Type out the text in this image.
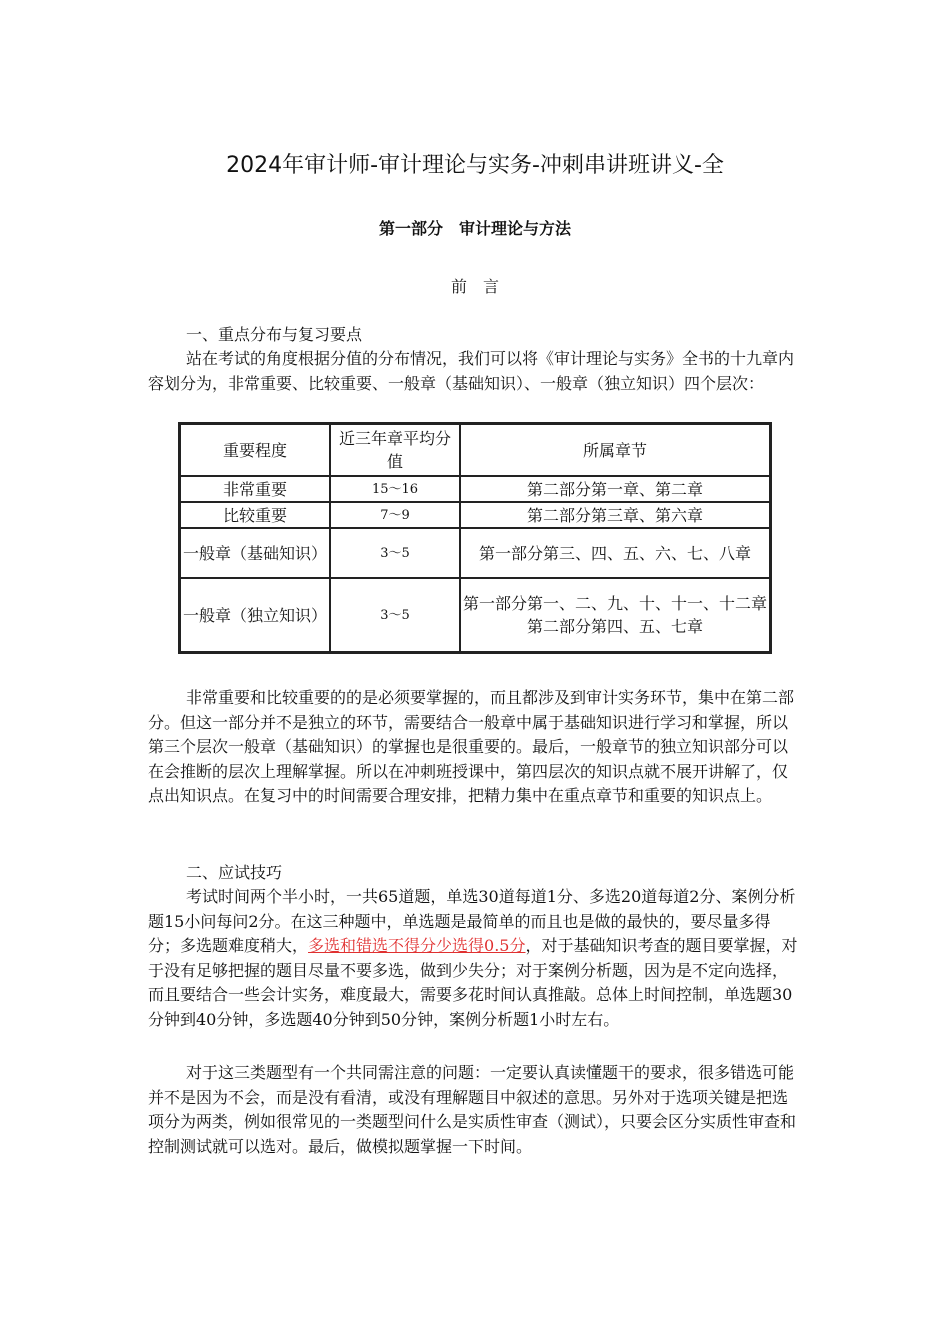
2024年审计师-审计理论与实务-冲刺串讲班讲义-全
第一部分　审计理论与方法
前　言

一、重点分布与复习要点

站在考试的角度根据分值的分布情况，我们可以将《审计理论与实务》全书的十九章内容划分为，非常重要、比较重要、一般章（基础知识）、一般章（独立知识）四个层次：

重要程度	近三年章平均分值	所属章节
非常重要	15～16	第二部分第一章、第二章
比较重要	7～9	第二部分第三章、第六章
一般章（基础知识）	3～5	第一部分第三、四、五、六、七、八章
一般章（独立知识）	3～5	第一部分第一、二、九、十、十一、十二章
第二部分第四、五、七章

非常重要和比较重要的的是必须要掌握的，而且都涉及到审计实务环节，集中在第二部分。但这一部分并不是独立的环节，需要结合一般章中属于基础知识进行学习和掌握，所以第三个层次一般章（基础知识）的掌握也是很重要的。最后，一般章节的独立知识部分可以在会推断的层次上理解掌握。所以在冲刺班授课中，第四层次的知识点就不展开讲解了，仅点出知识点。在复习中的时间需要合理安排，把精力集中在重点章节和重要的知识点上。

二、应试技巧

考试时间两个半小时，一共65道题，单选30道每道1分、多选20道每道2分、案例分析题15小问每问2分。在这三种题中，单选题是最简单的而且也是做的最快的，要尽量多得分；多选题难度稍大，多选和错选不得分少选得0.5分，对于基础知识考查的题目要掌握，对于没有足够把握的题目尽量不要多选，做到少失分；对于案例分析题，因为是不定向选择，而且要结合一些会计实务，难度最大，需要多花时间认真推敲。总体上时间控制，单选题30分钟到40分钟，多选题40分钟到50分钟，案例分析题1小时左右。

对于这三类题型有一个共同需注意的问题：一定要认真读懂题干的要求，很多错选可能并不是因为不会，而是没有看清，或没有理解题目中叙述的意思。另外对于选项关键是把选项分为两类，例如很常见的一类题型问什么是实质性审查（测试），只要会区分实质性审查和控制测试就可以选对。最后，做模拟题掌握一下时间。
